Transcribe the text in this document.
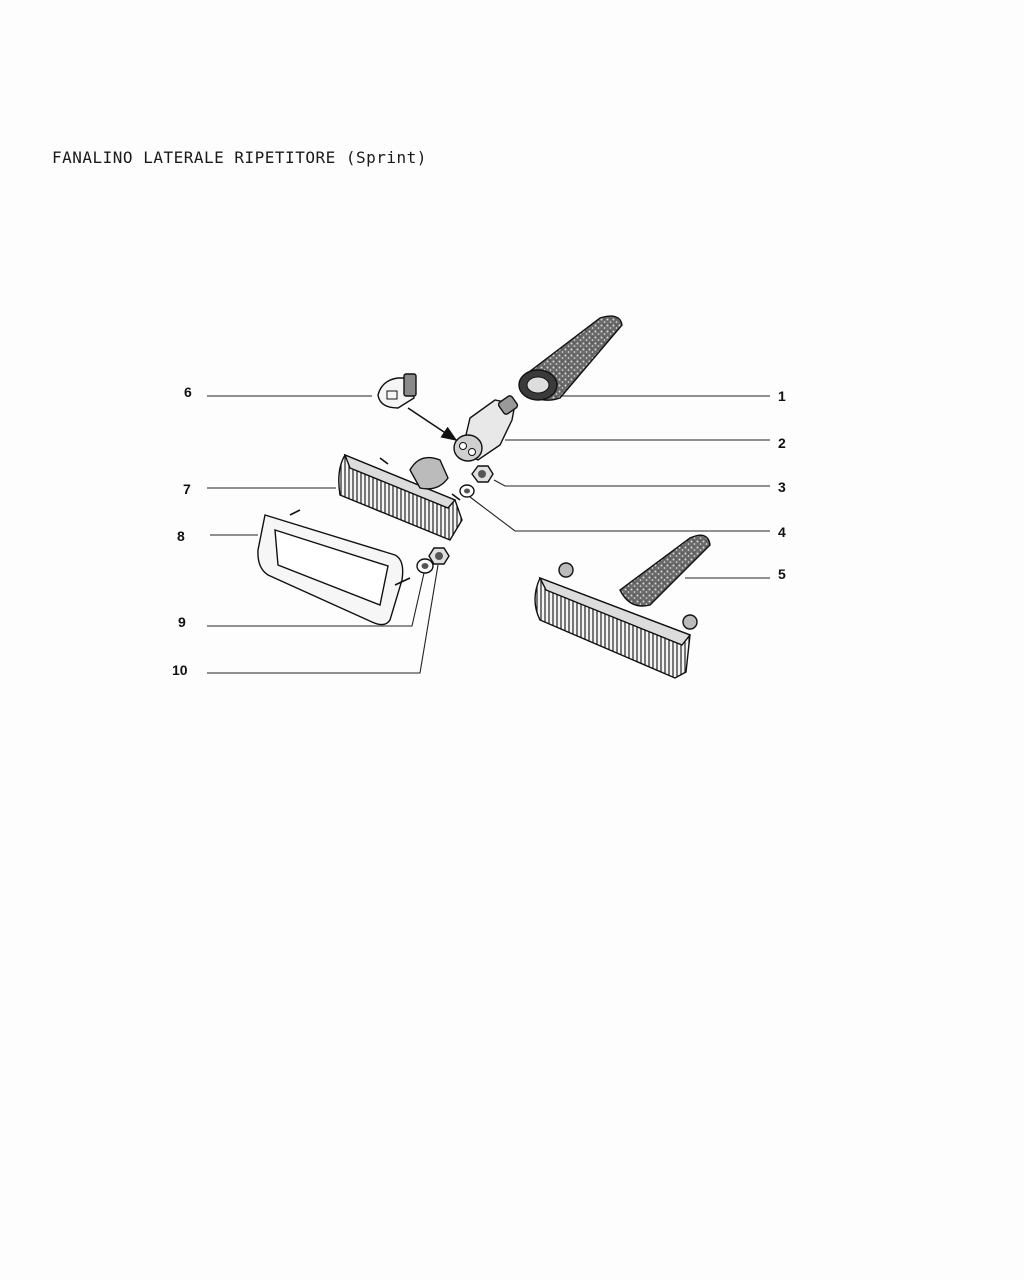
FANALINO LATERALE RIPETITORE (Sprint)
1
2
3
4
5
6
7
8
9
10
